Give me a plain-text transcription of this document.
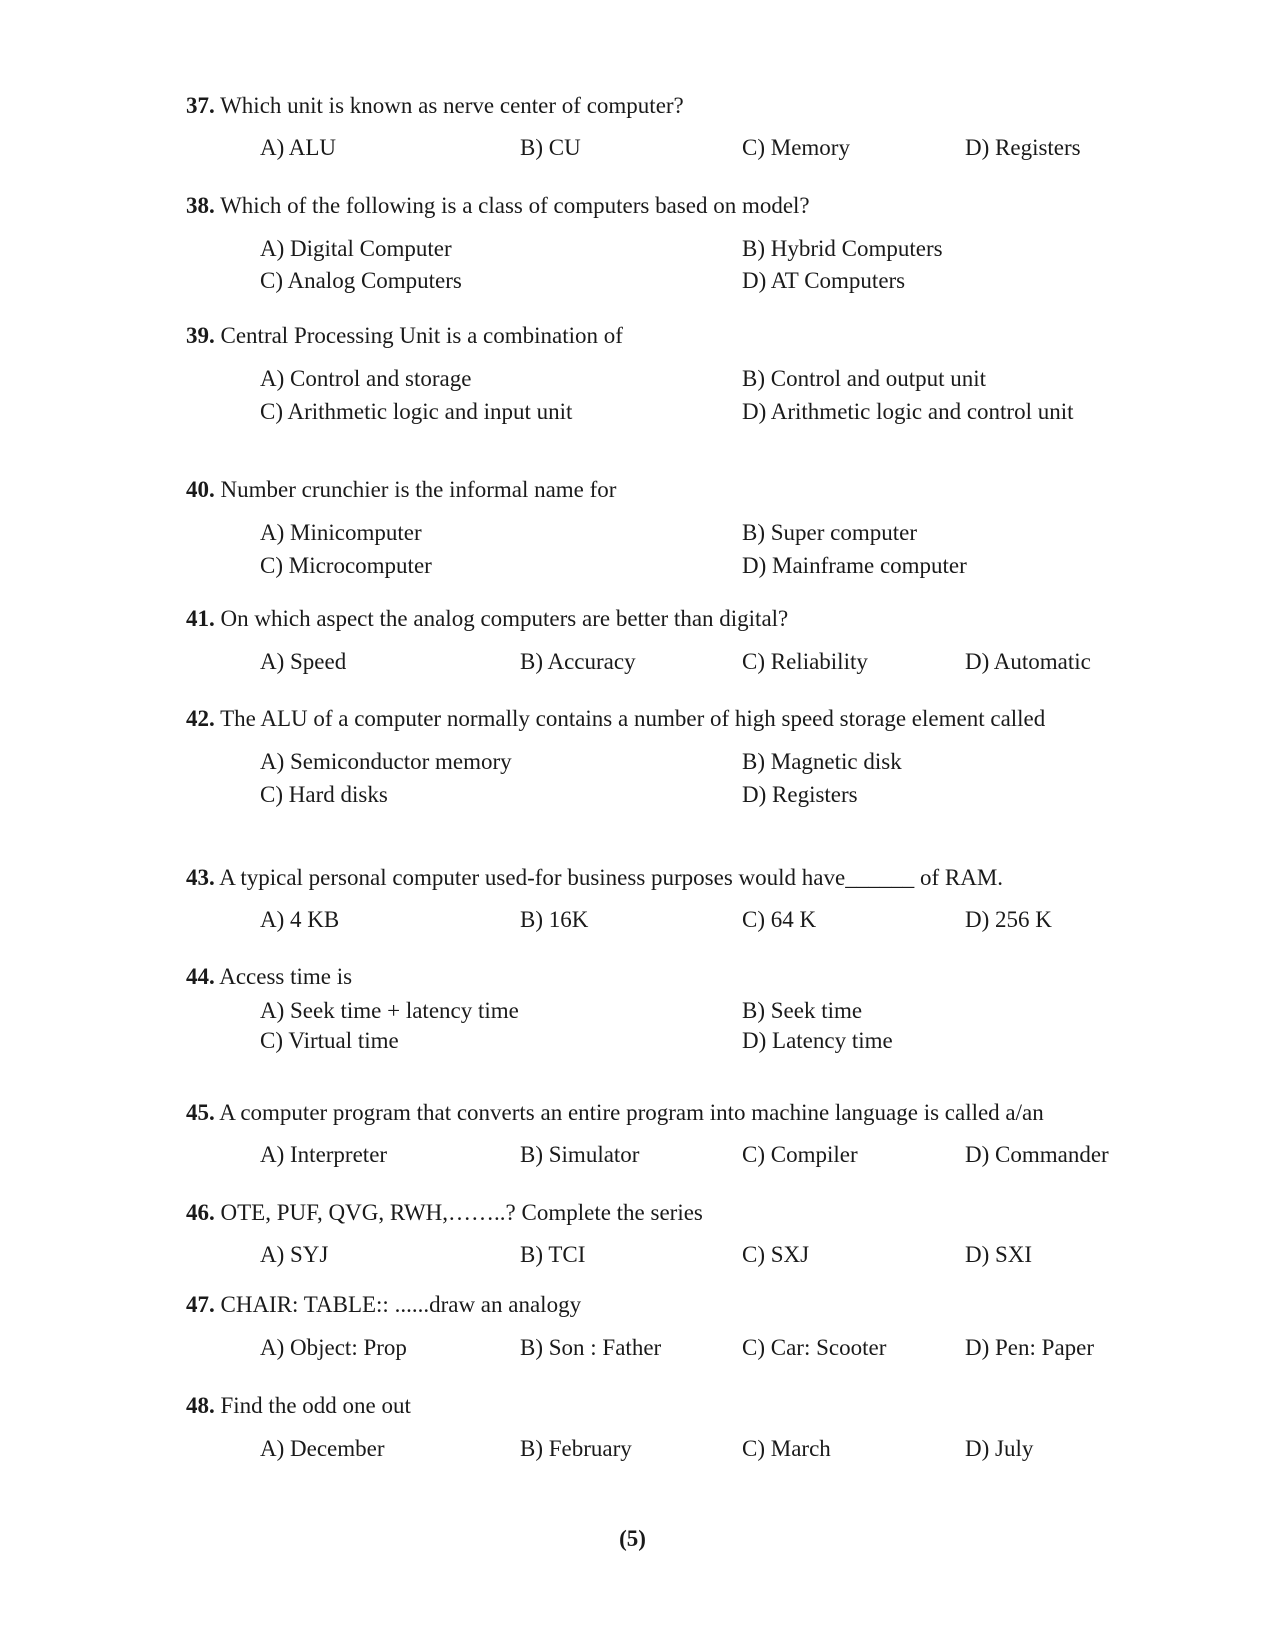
37. Which unit is known as nerve center of computer?
A) ALU	B) CU	C) Memory	D) Registers
38. Which of the following is a class of computers based on model?
A) Digital Computer	B) Hybrid Computers
C) Analog Computers	D) AT Computers
39. Central Processing Unit is a combination of
A) Control and storage	B) Control and output unit
C) Arithmetic logic and input unit	D) Arithmetic logic and control unit
40. Number crunchier is the informal name for
A) Minicomputer	B) Super computer
C) Microcomputer	D) Mainframe computer
41. On which aspect the analog computers are better than digital?
A) Speed	B) Accuracy	C) Reliability	D) Automatic
42. The ALU of a computer normally contains a number of high speed storage element called
A) Semiconductor memory	B) Magnetic disk
C) Hard disks	D) Registers
43. A typical personal computer used-for business purposes would have______ of RAM.
A) 4 KB	B) 16K	C) 64 K	D) 256 K
44. Access time is
A) Seek time + latency time	B) Seek time
C) Virtual time	D) Latency time
45. A computer program that converts an entire program into machine language is called a/an
A) Interpreter	B) Simulator	C) Compiler	D) Commander
46. OTE, PUF, QVG, RWH,……..? Complete the series
A) SYJ	B) TCI	C) SXJ	D) SXI
47. CHAIR: TABLE:: ......draw an analogy
A) Object: Prop	B) Son : Father	C) Car: Scooter	D) Pen: Paper
48. Find the odd one out
A) December	B) February	C) March	D) July
(5)
